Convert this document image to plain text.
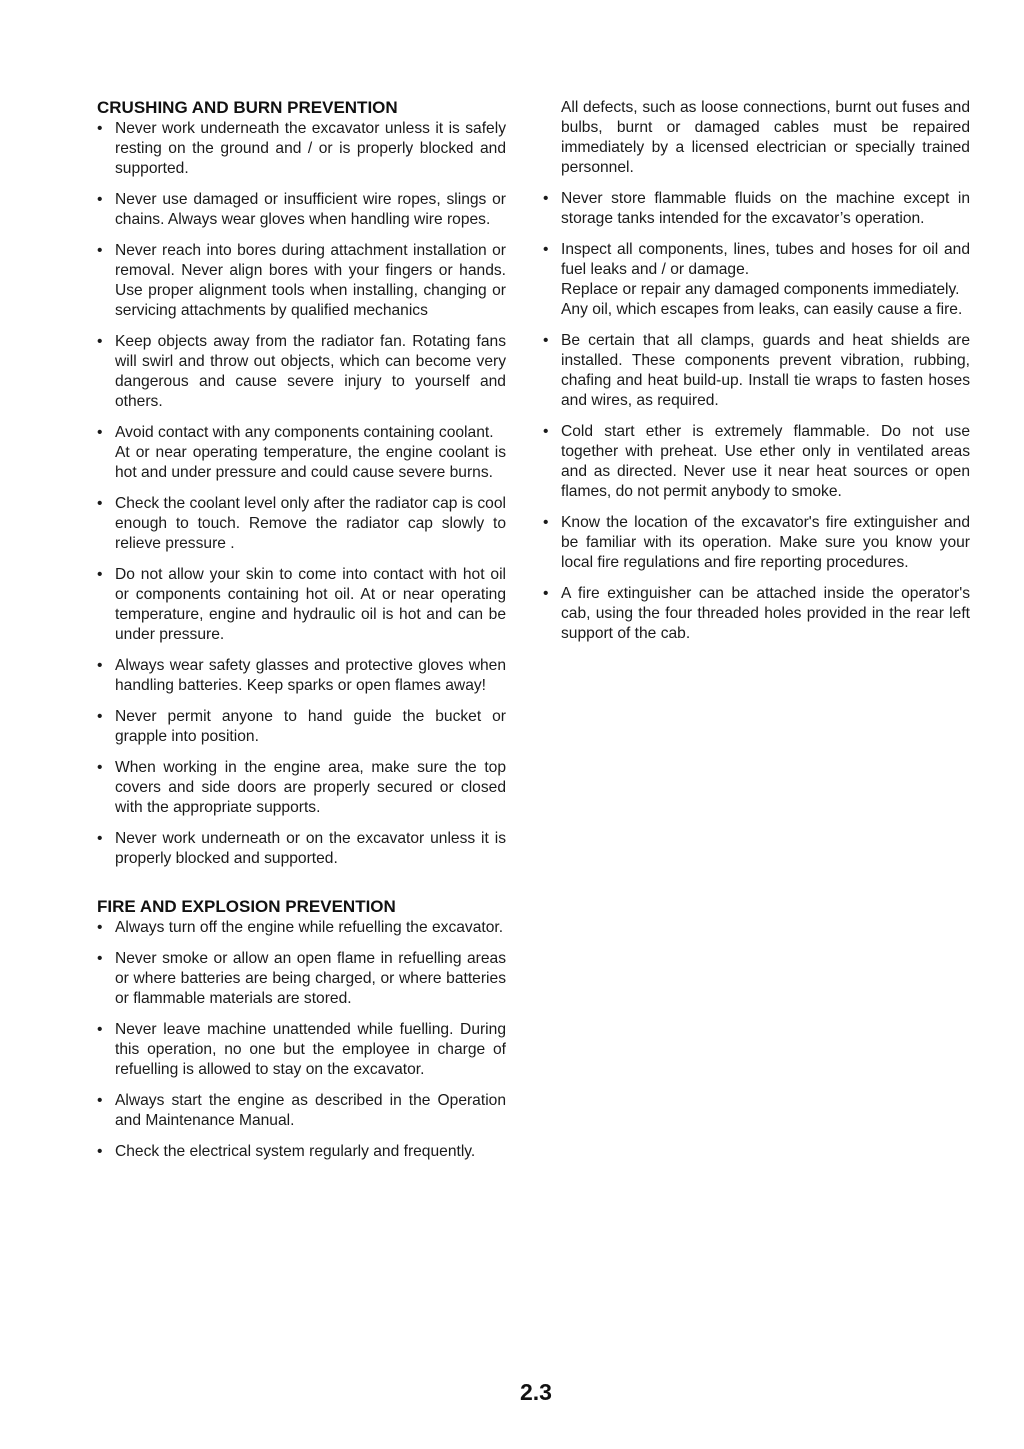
CRUSHING AND BURN PREVENTION
• Never work underneath the excavator unless it is safely resting on the ground and / or is properly blocked and supported.
• Never use damaged or insufficient wire ropes, slings or chains. Always wear gloves when handling wire ropes.
• Never reach into bores during attachment installation or removal. Never align bores with your fingers or hands. Use proper alignment tools when installing, changing or servicing attachments by qualified mechanics
• Keep objects away from the radiator fan. Rotating fans will swirl and throw out objects, which can become very dangerous and cause severe injury to yourself and others.
• Avoid contact with any components containing coolant.
At or near operating temperature, the engine coolant is hot and under pressure and could cause severe burns.
• Check the coolant level only after the radiator cap is cool enough to touch. Remove the radiator cap slowly to relieve pressure .
• Do not allow your skin to come into contact with hot oil or components containing hot oil. At or near operating temperature, engine and hydraulic oil is hot and can be under pressure.
• Always wear safety glasses and protective gloves when handling batteries. Keep sparks or open flames away!
• Never permit anyone to hand guide the bucket or grapple into position.
• When working in the engine area, make sure the top covers and side doors are properly secured or closed with the appropriate supports.
• Never work underneath or on the excavator unless it is properly blocked and supported.
FIRE AND EXPLOSION PREVENTION
• Always turn off the engine while refuelling the excavator.
• Never smoke or allow an open flame in refuelling areas or where batteries are being charged, or where batteries or flammable materials are stored.
• Never leave machine unattended while fuelling. During this operation, no one but the employee in charge of refuelling is allowed to stay on the excavator.
• Always start the engine as described in the Operation and Maintenance Manual.
• Check the electrical system regularly and frequently.

All defects, such as loose connections, burnt out fuses and bulbs, burnt or damaged cables must be repaired immediately by a licensed electrician or specially trained personnel.

• Never store flammable fluids on the machine except in storage tanks intended for the excavator’s operation.
• Inspect all components, lines, tubes and hoses for oil and fuel leaks and / or damage.
Replace or repair any damaged components immediately.
Any oil, which escapes from leaks, can easily cause a fire.
• Be certain that all clamps, guards and heat shields are installed. These components prevent vibration, rubbing, chafing and heat build-up. Install tie wraps to fasten hoses and wires, as required.
• Cold start ether is extremely flammable. Do not use together with preheat. Use ether only in ventilated areas and as directed. Never use it near heat sources or open flames, do not permit anybody to smoke.
• Know the location of the excavator's fire extinguisher and be familiar with its operation. Make sure you know your local fire regulations and fire reporting procedures.
• A fire extinguisher can be attached inside the operator's cab, using the four threaded holes provided in the rear left support of the cab.
2.3
